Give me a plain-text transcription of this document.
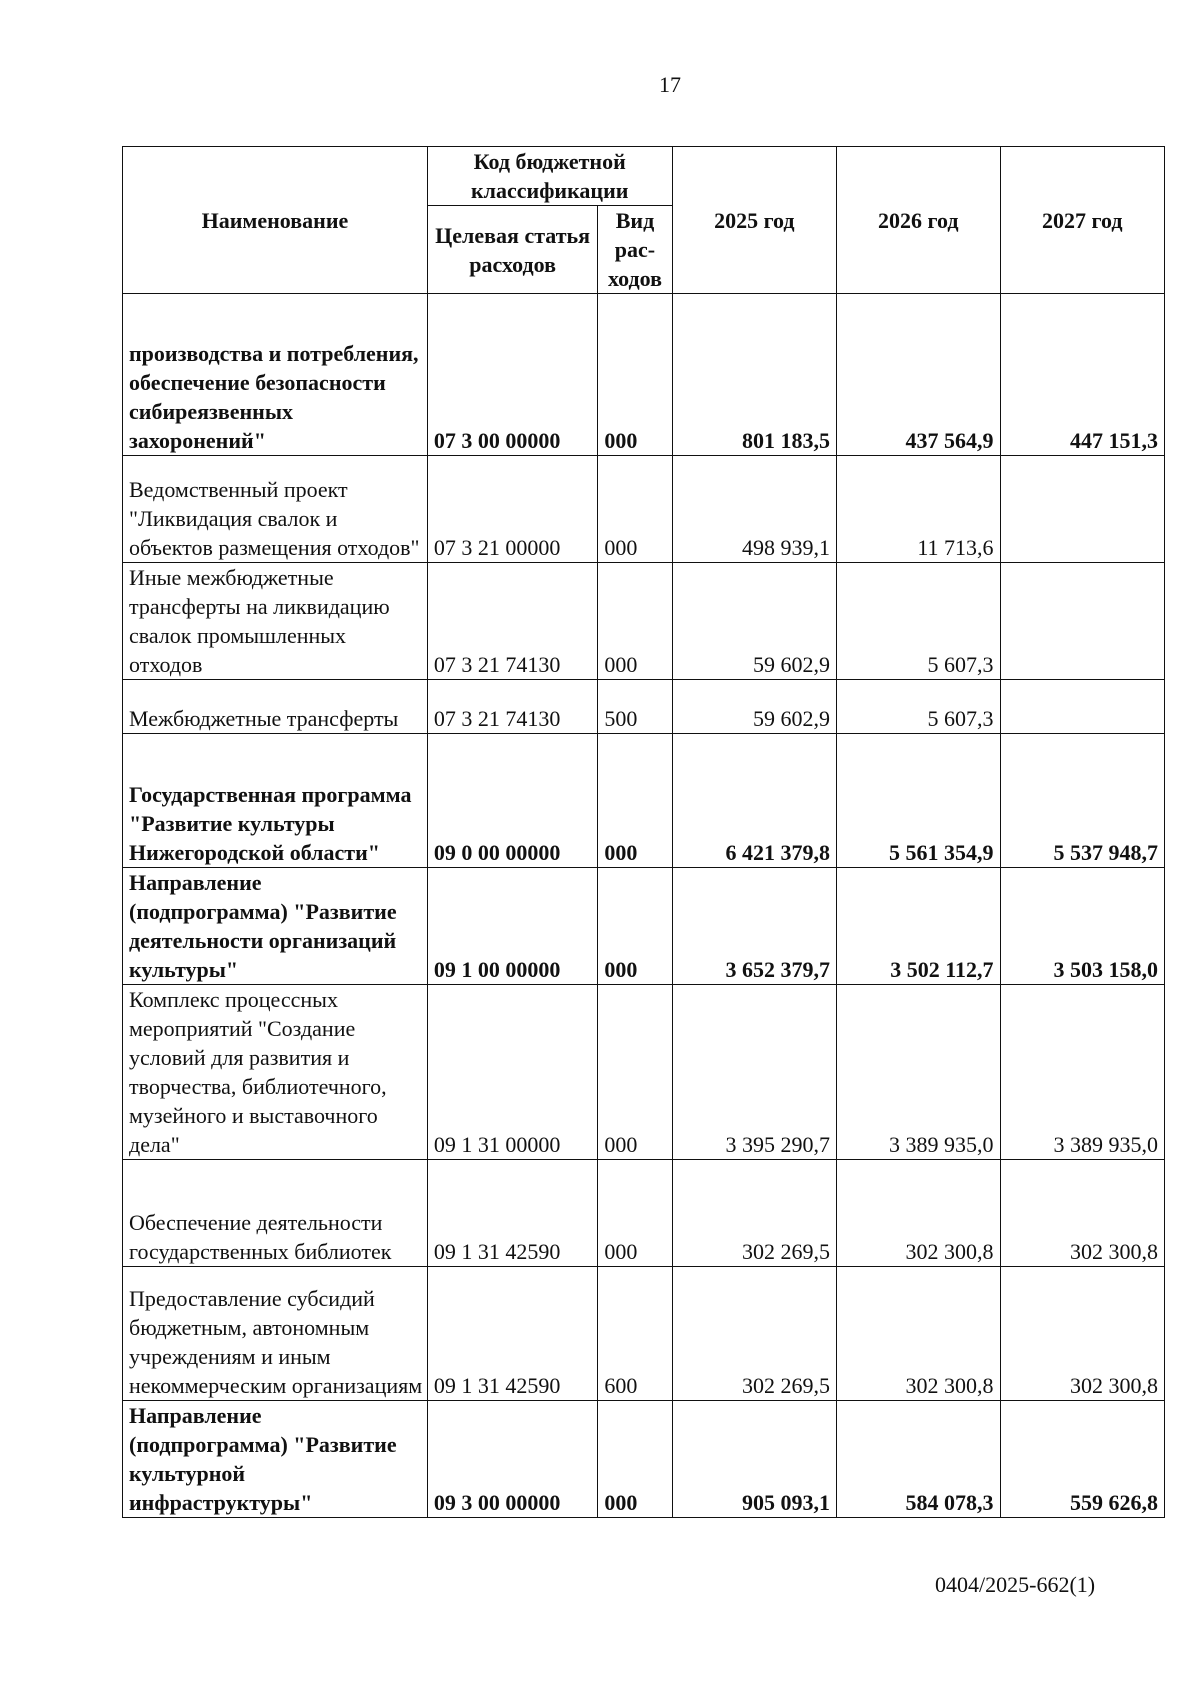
17
Наименование	Код бюджетной классификации		2025 год	2026 год	2027 год
	Целевая статья расходов	Вид рас-ходов			
производства и потребления, обеспечение безопасности сибиреязвенных захоронений"	07 3 00 00000	000	801 183,5	437 564,9	447 151,3
Ведомственный проект "Ликвидация свалок и объектов размещения отходов"	07 3 21 00000	000	498 939,1	11 713,6	
Иные межбюджетные трансферты на ликвидацию свалок промышленных отходов	07 3 21 74130	000	59 602,9	5 607,3	
Межбюджетные трансферты	07 3 21 74130	500	59 602,9	5 607,3	
Государственная программа "Развитие культуры Нижегородской области"	09 0 00 00000	000	6 421 379,8	5 561 354,9	5 537 948,7
Направление (подпрограмма) "Развитие деятельности организаций культуры"	09 1 00 00000	000	3 652 379,7	3 502 112,7	3 503 158,0
Комплекс процессных мероприятий "Создание условий для развития и творчества, библиотечного, музейного и выставочного дела"	09 1 31 00000	000	3 395 290,7	3 389 935,0	3 389 935,0
Обеспечение деятельности государственных библиотек	09 1 31 42590	000	302 269,5	302 300,8	302 300,8
Предоставление субсидий бюджетным, автономным учреждениям и иным некоммерческим организациям	09 1 31 42590	600	302 269,5	302 300,8	302 300,8
Направление (подпрограмма) "Развитие культурной инфраструктуры"	09 3 00 00000	000	905 093,1	584 078,3	559 626,8
0404/2025-662(1)
